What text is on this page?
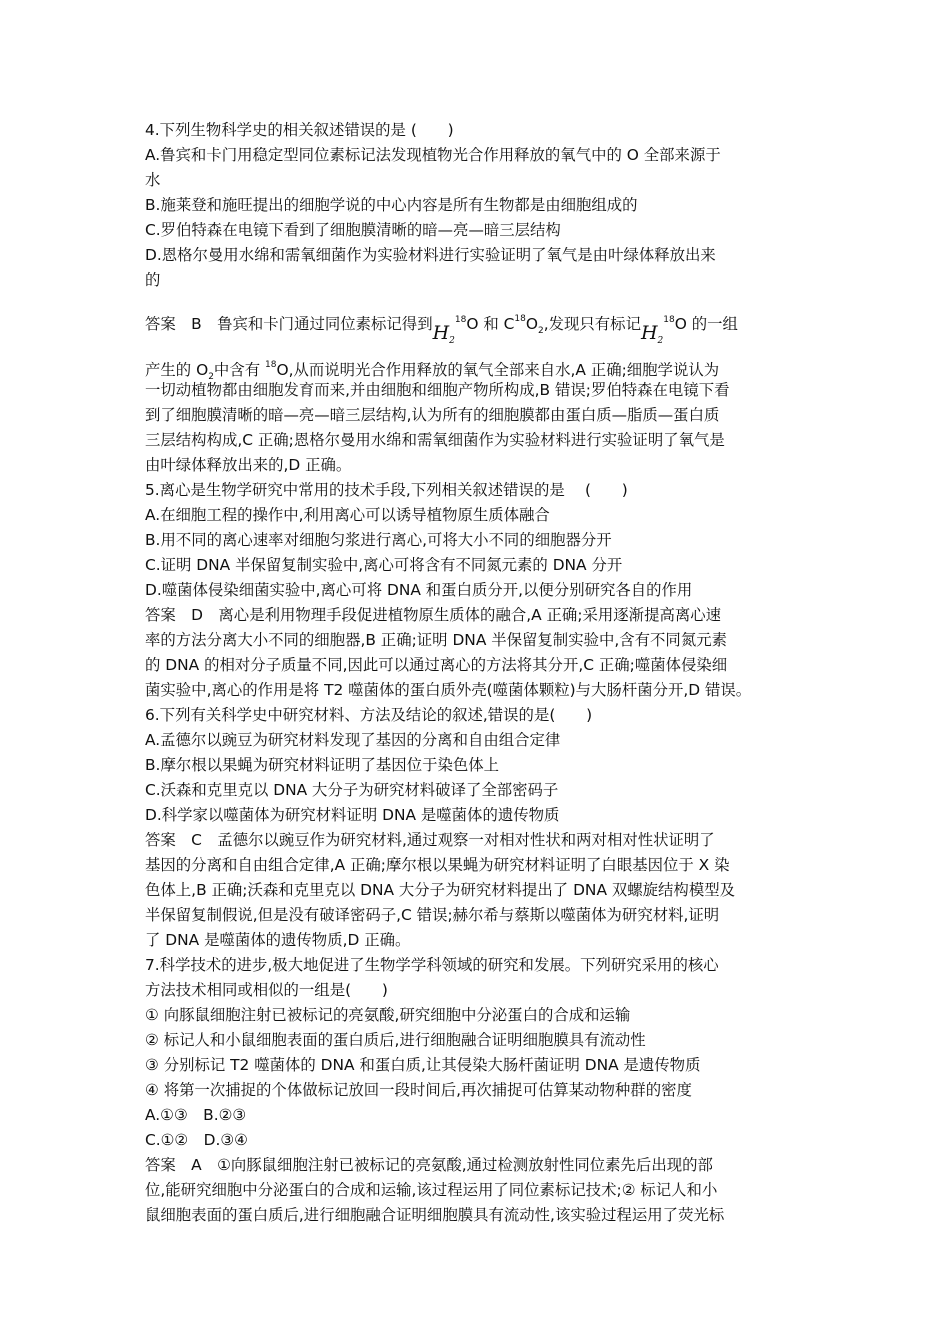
4.下列生物科学史的相关叙述错误的是 (　　)
A.鲁宾和卡门用稳定型同位素标记法发现植物光合作用释放的氧气中的 O 全部来源于
水
B.施莱登和施旺提出的细胞学说的中心内容是所有生物都是由细胞组成的
C.罗伯特森在电镜下看到了细胞膜清晰的暗—亮—暗三层结构
D.恩格尔曼用水绵和需氧细菌作为实验材料进行实验证明了氧气是由叶绿体释放出来
的
答案　B　鲁宾和卡门通过同位素标记得到$H_2^{18}O$ 和 $C^{18}O_2$,发现只有标记$H_2^{18}O$ 的一组
产生的 $O_2$中含有 $^{18}$O,从而说明光合作用释放的氧气全部来自水,A 正确;细胞学说认为
一切动植物都由细胞发育而来,并由细胞和细胞产物所构成,B 错误;罗伯特森在电镜下看
到了细胞膜清晰的暗—亮—暗三层结构,认为所有的细胞膜都由蛋白质—脂质—蛋白质
三层结构构成,C 正确;恩格尔曼用水绵和需氧细菌作为实验材料进行实验证明了氧气是
由叶绿体释放出来的,D 正确。
5.离心是生物学研究中常用的技术手段,下列相关叙述错误的是　 (　　)
A.在细胞工程的操作中,利用离心可以诱导植物原生质体融合
B.用不同的离心速率对细胞匀浆进行离心,可将大小不同的细胞器分开
C.证明 DNA 半保留复制实验中,离心可将含有不同氮元素的 DNA 分开
D.噬菌体侵染细菌实验中,离心可将 DNA 和蛋白质分开,以便分别研究各自的作用
答案　D　离心是利用物理手段促进植物原生质体的融合,A 正确;采用逐渐提高离心速
率的方法分离大小不同的细胞器,B 正确;证明 DNA 半保留复制实验中,含有不同氮元素
的 DNA 的相对分子质量不同,因此可以通过离心的方法将其分开,C 正确;噬菌体侵染细
菌实验中,离心的作用是将 T2 噬菌体的蛋白质外壳(噬菌体颗粒)与大肠杆菌分开,D 错误。
6.下列有关科学史中研究材料、方法及结论的叙述,错误的是(　　)
A.孟德尔以豌豆为研究材料发现了基因的分离和自由组合定律
B.摩尔根以果蝇为研究材料证明了基因位于染色体上
C.沃森和克里克以 DNA 大分子为研究材料破译了全部密码子
D.科学家以噬菌体为研究材料证明 DNA 是噬菌体的遗传物质
答案　C　孟德尔以豌豆作为研究材料,通过观察一对相对性状和两对相对性状证明了
基因的分离和自由组合定律,A 正确;摩尔根以果蝇为研究材料证明了白眼基因位于 X 染
色体上,B 正确;沃森和克里克以 DNA 大分子为研究材料提出了 DNA 双螺旋结构模型及
半保留复制假说,但是没有破译密码子,C 错误;赫尔希与蔡斯以噬菌体为研究材料,证明
了 DNA 是噬菌体的遗传物质,D 正确。
7.科学技术的进步,极大地促进了生物学学科领域的研究和发展。下列研究采用的核心
方法技术相同或相似的一组是(　　)
① 向豚鼠细胞注射已被标记的亮氨酸,研究细胞中分泌蛋白的合成和运输
② 标记人和小鼠细胞表面的蛋白质后,进行细胞融合证明细胞膜具有流动性
③ 分别标记 T2 噬菌体的 DNA 和蛋白质,让其侵染大肠杆菌证明 DNA 是遗传物质
④ 将第一次捕捉的个体做标记放回一段时间后,再次捕捉可估算某动物种群的密度
A.①③　B.②③
C.①②　D.③④
答案　A　①向豚鼠细胞注射已被标记的亮氨酸,通过检测放射性同位素先后出现的部
位,能研究细胞中分泌蛋白的合成和运输,该过程运用了同位素标记技术;② 标记人和小
鼠细胞表面的蛋白质后,进行细胞融合证明细胞膜具有流动性,该实验过程运用了荧光标
